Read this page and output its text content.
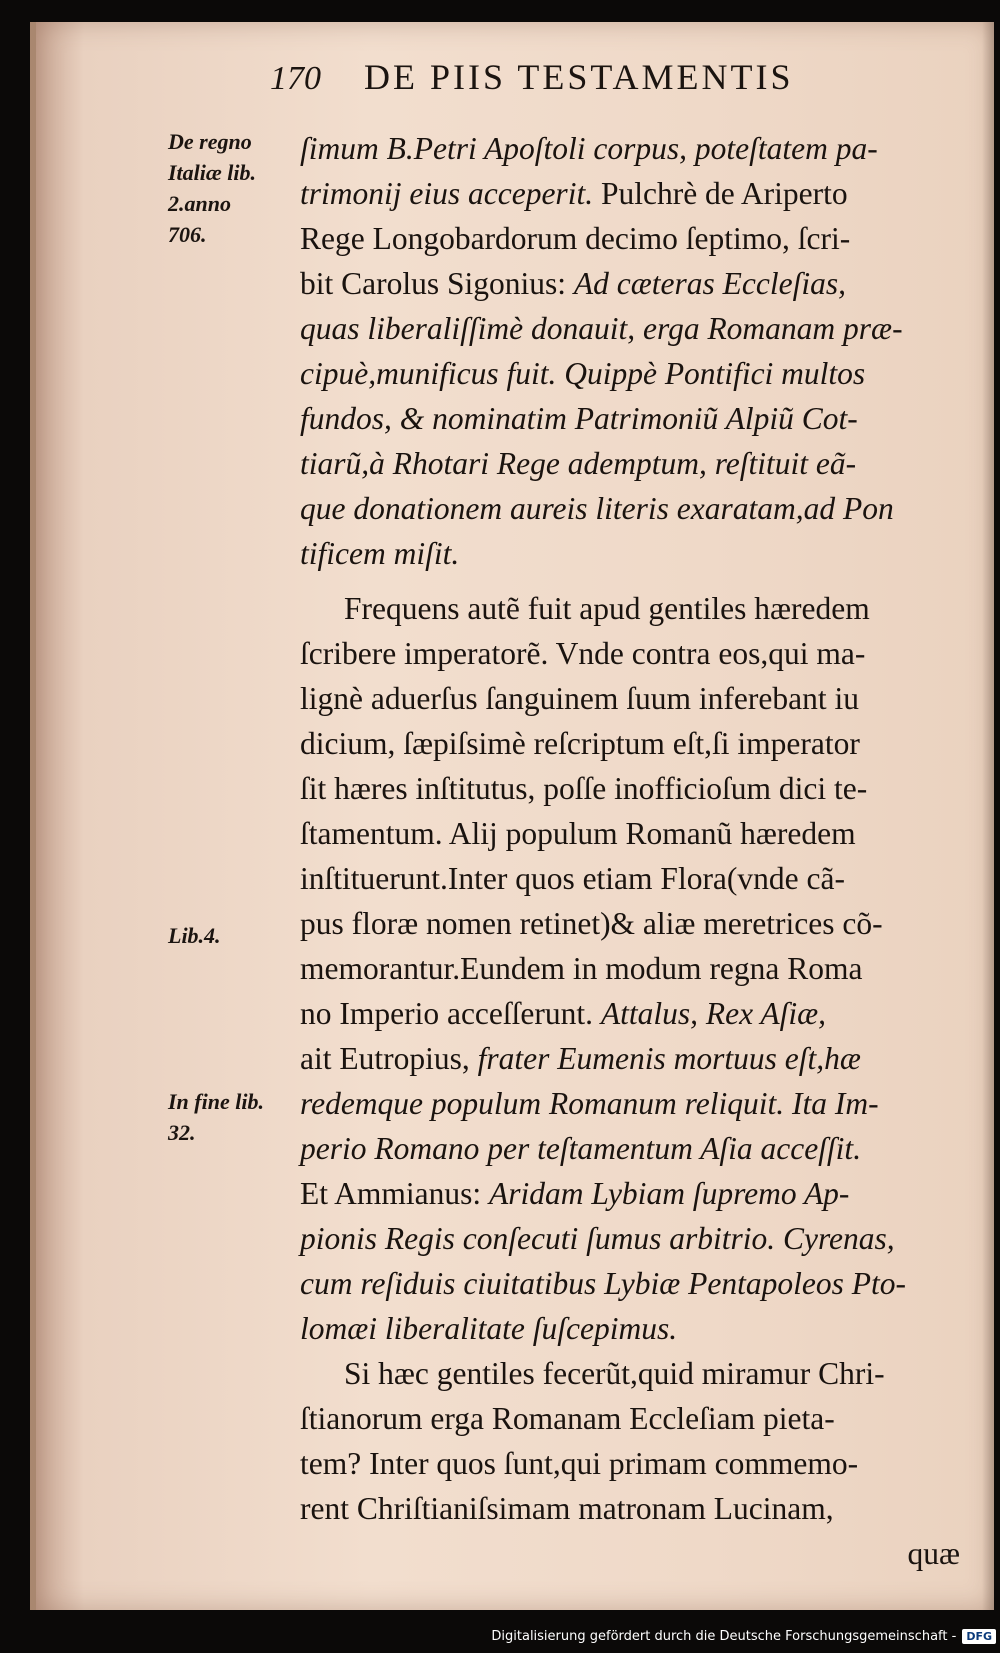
170 DE PIIS TESTAMENTIS
De regno
Italiæ lib.
2.anno
706.
Lib.4.
In fine lib.
32.
ſimum B.Petri Apoſtoli corpus, poteſtatem pa-
trimonij eius acceperit. Pulchrè de Ariperto
Rege Longobardorum decimo ſeptimo, ſcri-
bit Carolus Sigonius: Ad cæteras Eccleſias,
quas liberaliſſimè donauit, erga Romanam præ-
cipuè,munificus fuit. Quippè Pontifici multos
fundos, & nominatim Patrimoniũ Alpiũ Cot-
tiarũ,à Rhotari Rege ademptum, reſtituit eã-
que donationem aureis literis exaratam,ad Pon
tificem miſit.
Frequens autẽ fuit apud gentiles hæredem
ſcribere imperatorẽ. Vnde contra eos,qui ma-
lignè aduerſus ſanguinem ſuum inferebant iu
dicium, ſæpiſsimè reſcriptum eſt,ſi imperator
ſit hæres inſtitutus, poſſe inofficioſum dici te-
ſtamentum. Alij populum Romanũ hæredem
inſtituerunt.Inter quos etiam Flora(vnde cã-
pus floræ nomen retinet)& aliæ meretrices cõ-
memorantur.Eundem in modum regna Roma
no Imperio acceſſerunt. Attalus, Rex Aſiæ,
ait Eutropius, frater Eumenis mortuus eſt,hæ
redemque populum Romanum reliquit. Ita Im-
perio Romano per teſtamentum Aſia acceſſit.
Et Ammianus: Aridam Lybiam ſupremo Ap-
pionis Regis conſecuti ſumus arbitrio. Cyrenas,
cum reſiduis ciuitatibus Lybiæ Pentapoleos Pto-
lomæi liberalitate ſuſcepimus.
Si hæc gentiles fecerũt,quid miramur Chri-
ſtianorum erga Romanam Eccleſiam pieta-
tem? Inter quos ſunt,qui primam commemo-
rent Chriſtianiſsimam matronam Lucinam,
quæ
Digitalisierung gefördert durch die Deutsche Forschungsgemeinschaft - DFG
